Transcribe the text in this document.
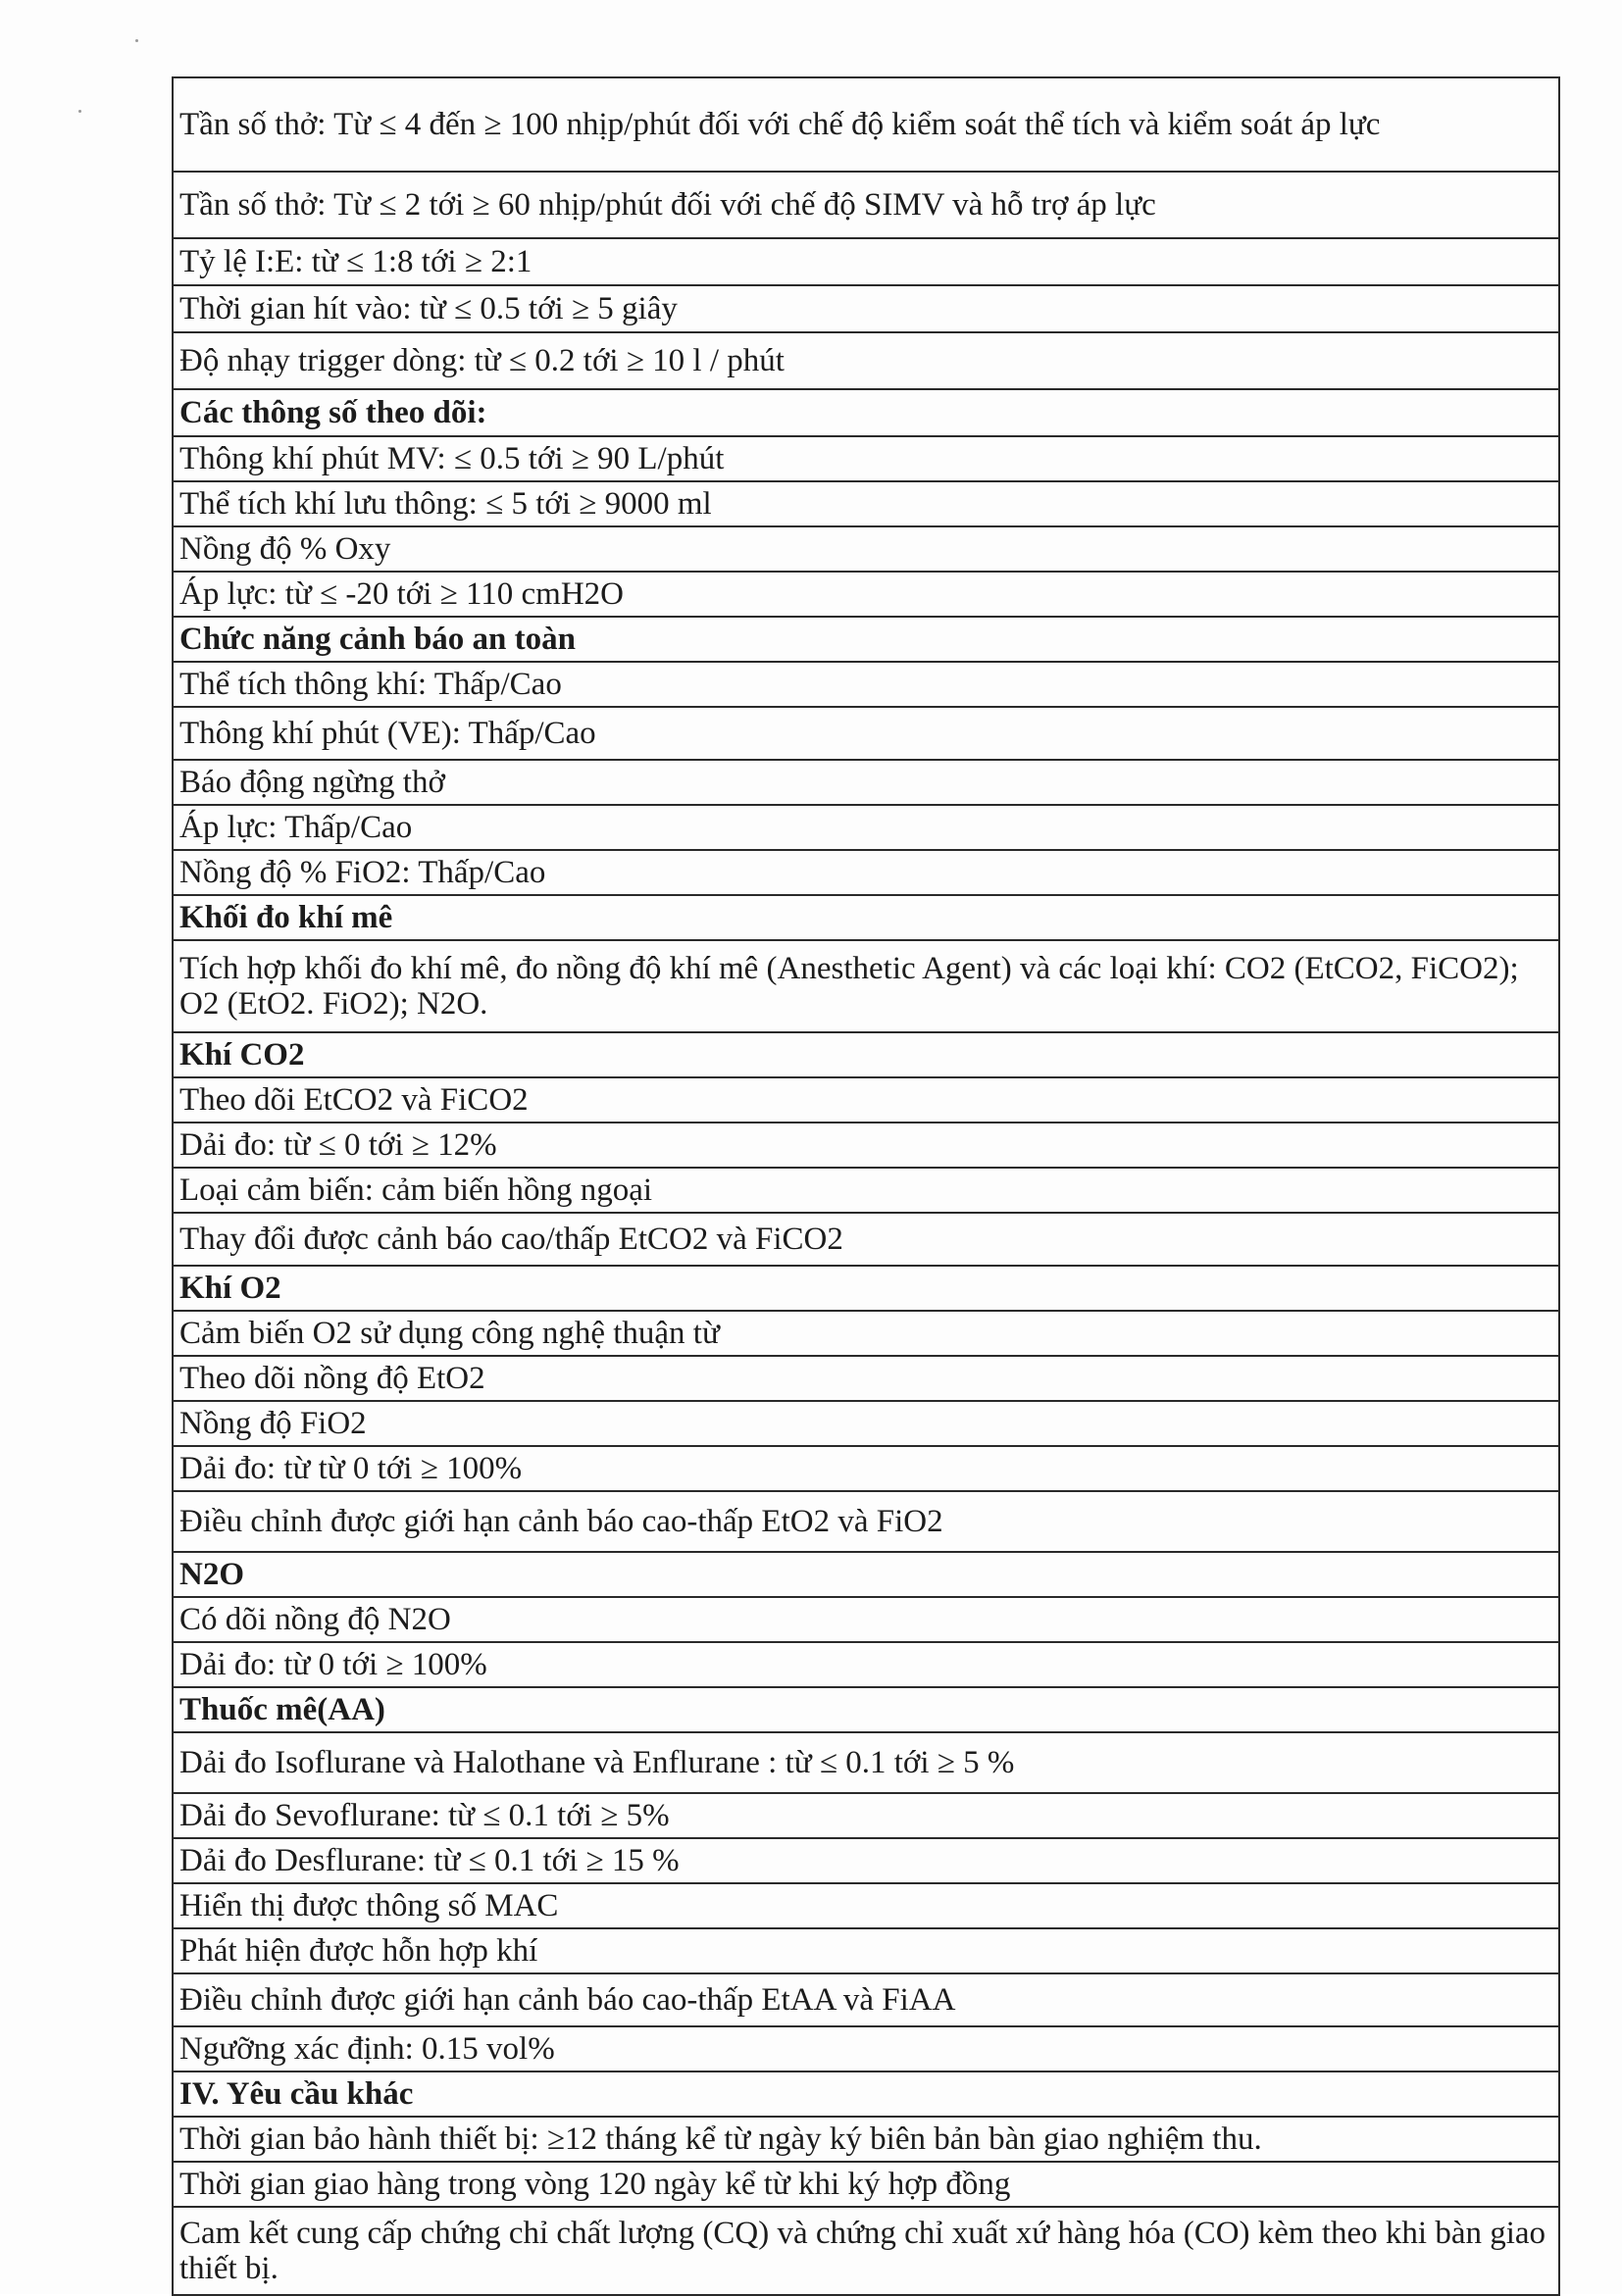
Tần số thở: Từ ≤ 4 đến ≥ 100 nhịp/phút đối với chế độ kiểm soát thể tích và kiểm soát áp lực
Tần số thở: Từ ≤ 2 tới ≥ 60 nhịp/phút đối với chế độ SIMV và hỗ trợ áp lực
Tỷ lệ I:E: từ ≤ 1:8 tới ≥ 2:1
Thời gian hít vào: từ ≤ 0.5 tới ≥ 5 giây
Độ nhạy trigger dòng: từ ≤ 0.2 tới ≥ 10 l / phút
Các thông số theo dõi:
Thông khí phút MV: ≤ 0.5 tới ≥ 90 L/phút
Thể tích khí lưu thông: ≤ 5 tới ≥ 9000 ml
Nồng độ % Oxy
Áp lực: từ ≤ -20 tới ≥ 110 cmH2O
Chức năng cảnh báo an toàn
Thể tích thông khí: Thấp/Cao
Thông khí phút (VE): Thấp/Cao
Báo động ngừng thở
Áp lực: Thấp/Cao
Nồng độ % FiO2: Thấp/Cao
Khối đo khí mê
Tích hợp khối đo khí mê, đo nồng độ khí mê (Anesthetic Agent) và các loại khí: CO2 (EtCO2, FiCO2); O2 (EtO2. FiO2); N2O.
Khí CO2
Theo dõi EtCO2 và FiCO2
Dải đo: từ ≤ 0 tới ≥ 12%
Loại cảm biến: cảm biến hồng ngoại
Thay đổi được cảnh báo cao/thấp EtCO2 và FiCO2
Khí O2
Cảm biến O2 sử dụng công nghệ thuận từ
Theo dõi nồng độ EtO2
Nồng độ FiO2
Dải đo: từ từ 0 tới ≥ 100%
Điều chỉnh được giới hạn cảnh báo cao-thấp EtO2 và FiO2
N2O
Có dõi nồng độ N2O
Dải đo: từ 0 tới ≥ 100%
Thuốc mê(AA)
Dải đo Isoflurane và Halothane và Enflurane : từ ≤ 0.1 tới ≥ 5 %
Dải đo Sevoflurane: từ ≤ 0.1 tới ≥ 5%
Dải đo Desflurane: từ ≤ 0.1 tới ≥ 15 %
Hiển thị được thông số MAC
Phát hiện được hỗn hợp khí
Điều chỉnh được giới hạn cảnh báo cao-thấp EtAA và FiAA
Ngưỡng xác định: 0.15 vol%
IV. Yêu cầu khác
Thời gian bảo hành thiết bị: ≥12 tháng kể từ ngày ký biên bản bàn giao nghiệm thu.
Thời gian giao hàng trong vòng 120 ngày kể từ khi ký hợp đồng
Cam kết cung cấp chứng chỉ chất lượng (CQ) và chứng chỉ xuất xứ hàng hóa (CO) kèm theo khi bàn giao thiết bị.
